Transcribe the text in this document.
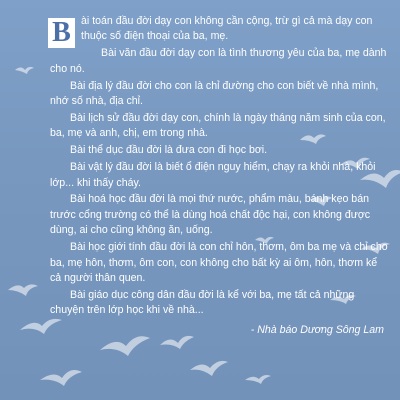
B ài toán đầu đời dạy con không cần cộng, trừ gì cả mà dạy con thuộc số điện thoại của ba, mẹ.

Bài văn đầu đời dạy con là tình thương yêu của ba, mẹ dành cho nó.

Bài địa lý đầu đời cho con là chỉ đường cho con biết về nhà mình, nhớ số nhà, địa chỉ.

Bài lịch sử đầu đời dạy con, chính là ngày tháng năm sinh của con, ba, mẹ và anh, chị, em trong nhà.

Bài thể dục đầu đời là đưa con đi học bơi.

Bài vật lý đầu đời là biết ổ điện nguy hiểm, chạy ra khỏi nhà, khỏi lớp... khi thấy cháy.

Bài hoá học đầu đời là mọi thứ nước, phẩm màu, bánh kẹo bán trước cổng trường có thể là dùng hoá chất độc hại, con không được dùng, ai cho cũng không ăn, uống.

Bài học giới tính đầu đời là con chỉ hôn, thơm, ôm ba mẹ và chỉ cho ba, mẹ hôn, thơm, ôm con, con không cho bất kỳ ai ôm, hôn, thơm kể cả người thân quen.

Bài giáo dục công dân đầu đời là kể với ba, mẹ tất cả những chuyện trên lớp học khi về nhà...

- Nhà báo Dương Sông Lam
